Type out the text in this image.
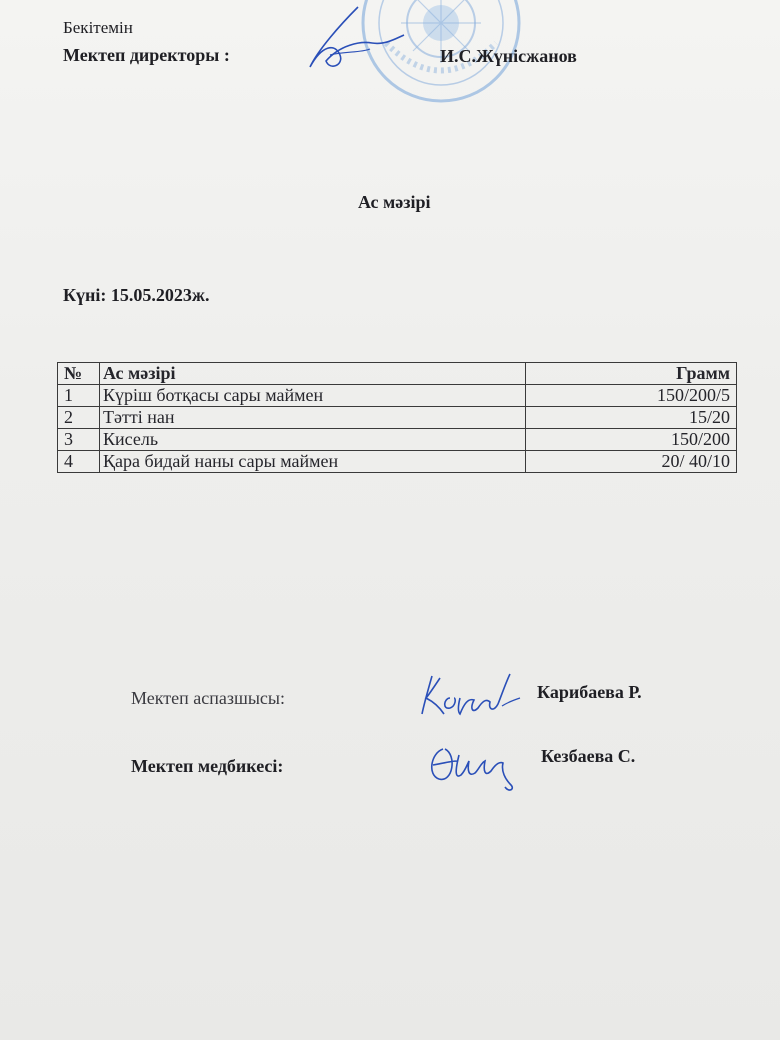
Бекітемін
Мектеп директоры :	И.С.Жүнісжанов
Ас мәзірі
Күні: 15.05.2023ж.
№	Ас мәзірі	Грамм
1	Күріш ботқасы сары маймен	150/200/5
2	Тәтті нан	15/20
3	Кисель	150/200
4	Қара бидай наны сары маймен	20/ 40/10
Мектеп аспазшысы:	Карибаева Р.
Мектеп медбикесі:	Кезбаева С.
